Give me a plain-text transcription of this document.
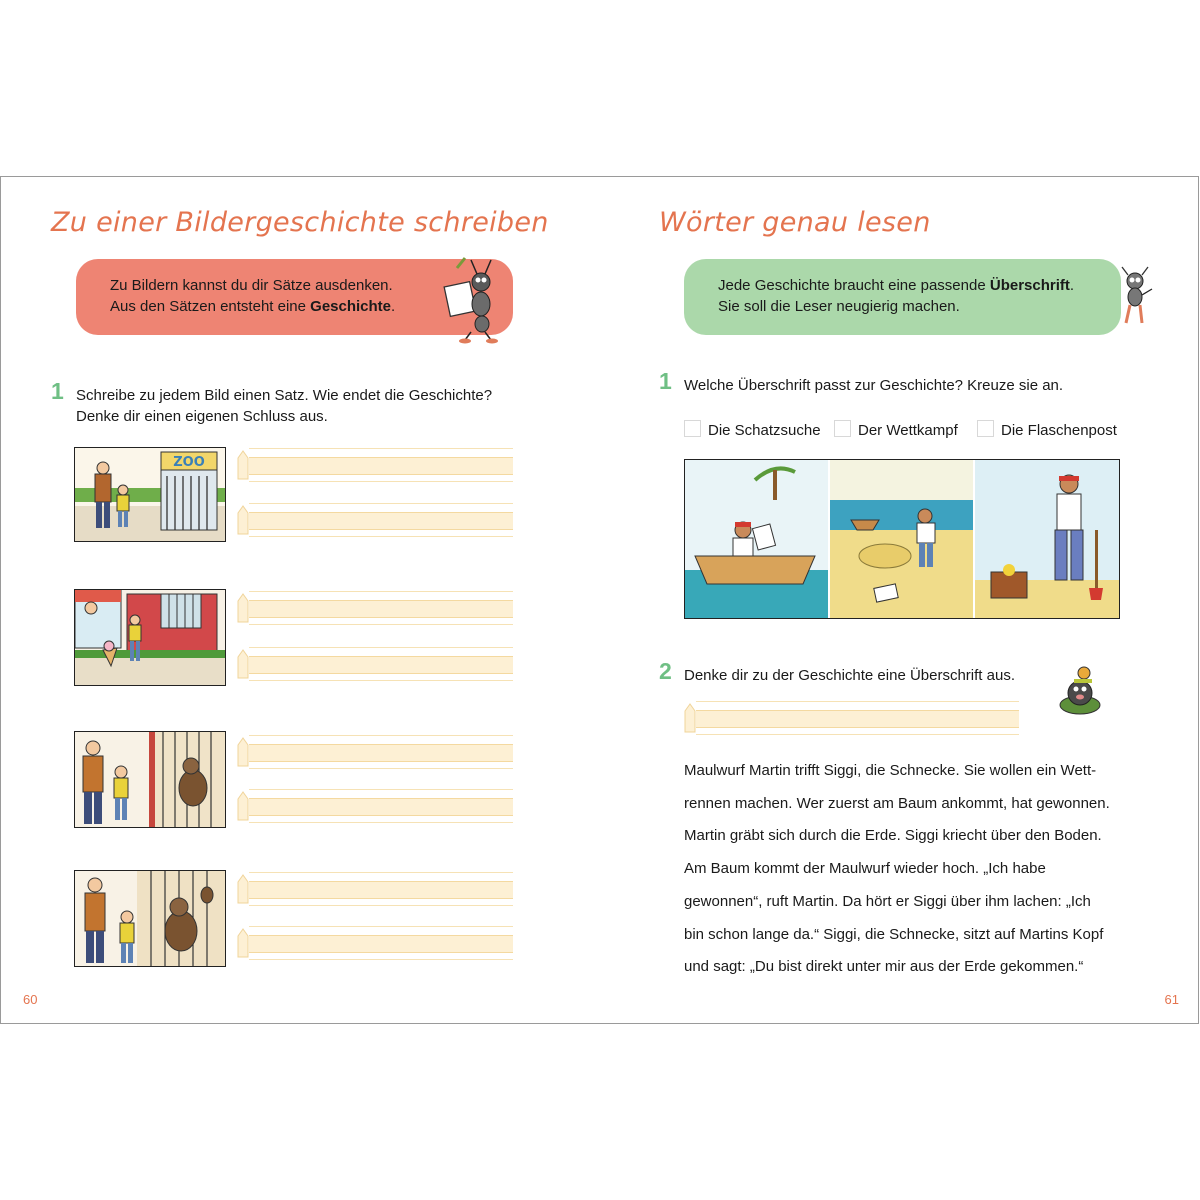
Zu einer Bildergeschichte schreiben
Zu Bildern kannst du dir Sätze ausdenken.
Aus den Sätzen entsteht eine Geschichte.
1 Schreibe zu jedem Bild einen Satz. Wie endet die Geschichte?
Denke dir einen eigenen Schluss aus.
ZOO
60
Wörter genau lesen
Jede Geschichte braucht eine passende Überschrift.
Sie soll die Leser neugierig machen.
1 Welche Überschrift passt zur Geschichte? Kreuze sie an.
Die Schatzsuche	Der Wettkampf	Die Flaschenpost
2 Denke dir zu der Geschichte eine Überschrift aus.
Maulwurf Martin trifft Siggi, die Schnecke. Sie wollen ein Wett-
rennen machen. Wer zuerst am Baum ankommt, hat gewonnen.
Martin gräbt sich durch die Erde. Siggi kriecht über den Boden.
Am Baum kommt der Maulwurf wieder hoch. „Ich habe
gewonnen“, ruft Martin. Da hört er Siggi über ihm lachen: „Ich
bin schon lange da.“ Siggi, die Schnecke, sitzt auf Martins Kopf
und sagt: „Du bist direkt unter mir aus der Erde gekommen.“
61
